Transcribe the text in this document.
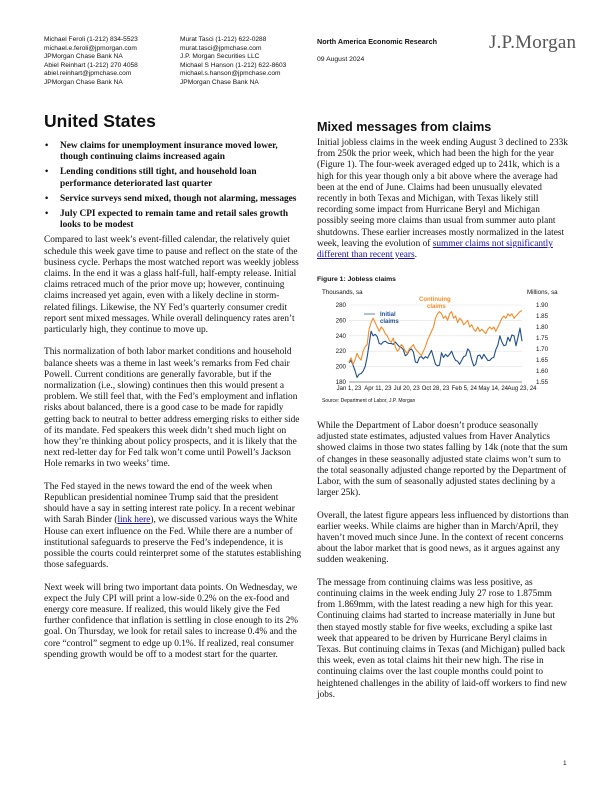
Michael Feroli (1-212) 834-5523
michael.e.feroli@jpmorgan.com
JPMorgan Chase Bank NA
Abiel Reinhart (1-212) 270 4058
abiel.reinhart@jpmchase.com
JPMorgan Chase Bank NA
Murat Tasci (1-212) 622-0288
murat.tasci@jpmchase.com
J.P. Morgan Securities LLC
Michael S Hanson (1-212) 622-8603
michael.s.hanson@jpmchase.com
JPMorgan Chase Bank NA
North America Economic Research
09 August 2024
J.P.Morgan
United States
• New claims for unemployment insurance moved lower, though continuing claims increased again
• Lending conditions still tight, and household loan performance deteriorated last quarter
• Service surveys send mixed, though not alarming, messages
• July CPI expected to remain tame and retail sales growth looks to be modest

Compared to last week’s event-filled calendar, the relatively quiet schedule this week gave time to pause and reflect on the state of the business cycle. Perhaps the most watched report was weekly jobless claims. In the end it was a glass half-full, half-empty release. Initial claims retraced much of the prior move up; however, continuing claims increased yet again, even with a likely decline in storm-related filings. Likewise, the NY Fed’s quarterly consumer credit report sent mixed messages. While overall delinquency rates aren’t particularly high, they continue to move up.

This normalization of both labor market conditions and household balance sheets was a theme in last week’s remarks from Fed chair Powell. Current conditions are generally favorable, but if the normalization (i.e., slowing) continues then this would present a problem. We still feel that, with the Fed’s employment and inflation risks about balanced, there is a good case to be made for rapidly getting back to neutral to better address emerging risks to either side of its mandate. Fed speakers this week didn’t shed much light on how they’re thinking about policy prospects, and it is likely that the next red-letter day for Fed talk won’t come until Powell’s Jackson Hole remarks in two weeks’ time.

The Fed stayed in the news toward the end of the week when Republican presidential nominee Trump said that the president should have a say in setting interest rate policy. In a recent webinar with Sarah Binder (link here), we discussed various ways the White House can exert influence on the Fed. While there are a number of institutional safeguards to preserve the Fed’s independence, it is possible the courts could reinterpret some of the statutes establishing those safeguards.

Next week will bring two important data points. On Wednesday, we expect the July CPI will print a low-side 0.2% on the ex-food and energy core measure. If realized, this would likely give the Fed further confidence that inflation is settling in close enough to its 2% goal. On Thursday, we look for retail sales to increase 0.4% and the core “control” segment to edge up 0.1%. If realized, real consumer spending growth would be off to a modest start for the quarter.

Mixed messages from claims

Initial jobless claims in the week ending August 3 declined to 233k from 250k the prior week, which had been the high for the year (Figure 1). The four-week averaged edged up to 241k, which is a high for this year though only a bit above where the average had been at the end of June. Claims had been unusually elevated recently in both Texas and Michigan, with Texas likely still recording some impact from Hurricane Beryl and Michigan possibly seeing more claims than usual from summer auto plant shutdowns. These earlier increases mostly normalized in the latest week, leaving the evolution of summer claims not significantly different than recent years.

Figure 1: Jobless claims
Thousands, sa	Millions, sa
180
200
220
240
260
280	1.90
1.85
1.80
1.75
1.70
1.65
1.60
1.55
Jan 1, 23 Apr 11, 23 Jul 20, 23 Oct 28, 23 Feb 5, 24 May 14, 24 Aug 23, 24
Initial
claims
Continuing
claims
Source: Department of Labor, J.P. Morgan

While the Department of Labor doesn’t produce seasonally adjusted state estimates, adjusted values from Haver Analytics showed claims in those two states falling by 14k (note that the sum of changes in these seasonally adjusted state claims won’t sum to the total seasonally adjusted change reported by the Department of Labor, with the sum of seasonally adjusted states declining by a larger 25k).

Overall, the latest figure appears less influenced by distortions than earlier weeks. While claims are higher than in March/April, they haven’t moved much since June. In the context of recent concerns about the labor market that is good news, as it argues against any sudden weakening.

The message from continuing claims was less positive, as continuing claims in the week ending July 27 rose to 1.875mm from 1.869mm, with the latest reading a new high for this year. Continuing claims had started to increase materially in June but then stayed mostly stable for five weeks, excluding a spike last week that appeared to be driven by Hurricane Beryl claims in Texas. But continuing claims in Texas (and Michigan) pulled back this week, even as total claims hit their new high. The rise in continuing claims over the last couple months could point to heightened challenges in the ability of laid-off workers to find new jobs.

1
